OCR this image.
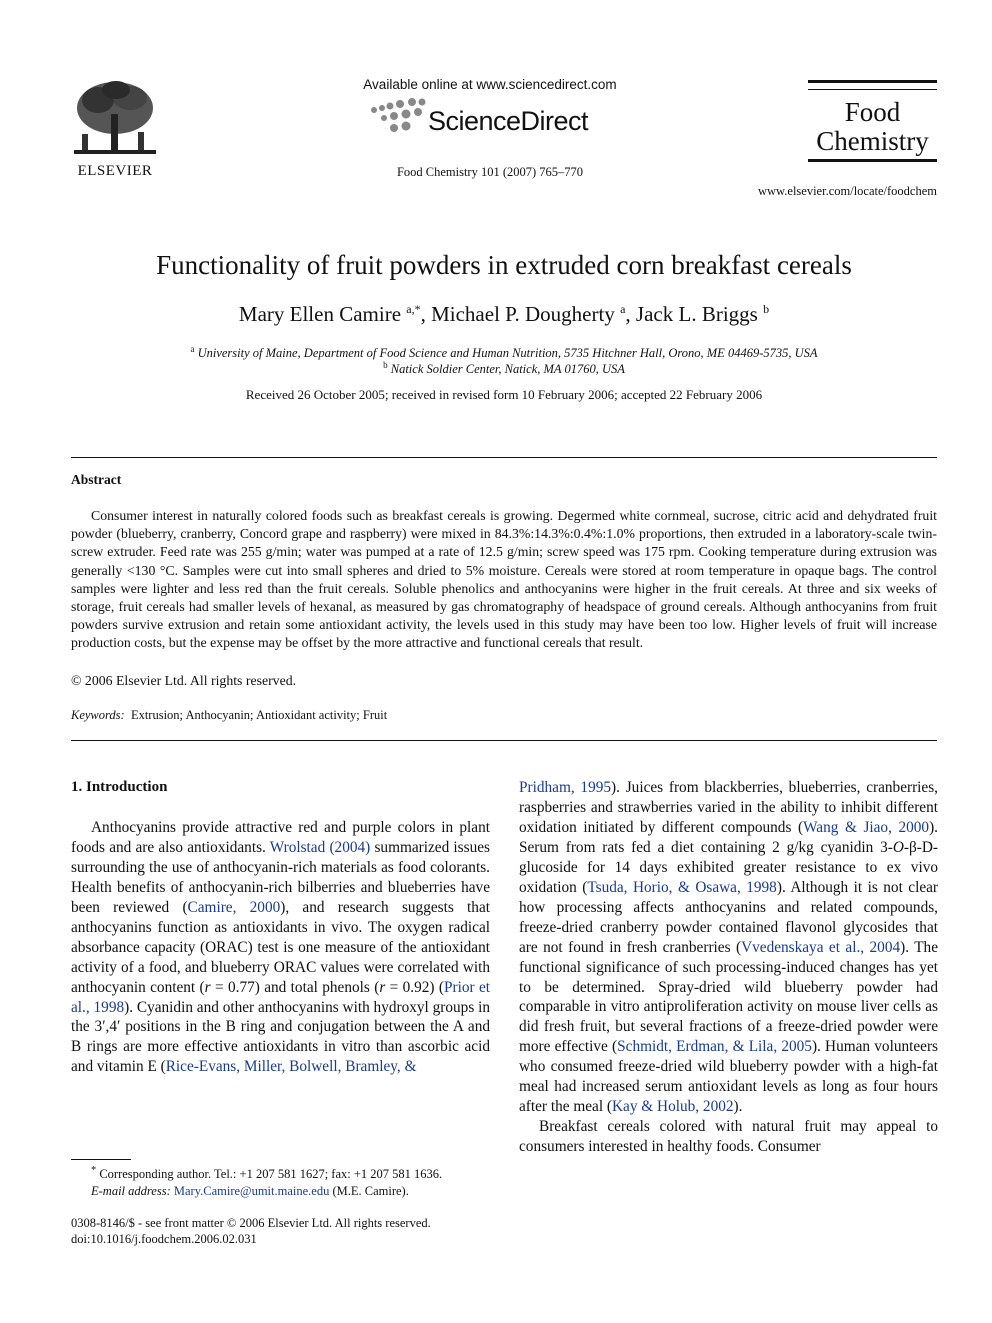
ELSEVIER
Available online at www.sciencedirect.com
ScienceDirect
Food Chemistry 101 (2007) 765–770
Food
Chemistry
www.elsevier.com/locate/foodchem
Functionality of fruit powders in extruded corn breakfast cereals
Mary Ellen Camire $^{a,*}$, Michael P. Dougherty $^a$, Jack L. Briggs $^b$
$^a$ University of Maine, Department of Food Science and Human Nutrition, 5735 Hitchner Hall, Orono, ME 04469-5735, USA
$^b$ Natick Soldier Center, Natick, MA 01760, USA
Received 26 October 2005; received in revised form 10 February 2006; accepted 22 February 2006
Abstract

Consumer interest in naturally colored foods such as breakfast cereals is growing. Degermed white cornmeal, sucrose, citric acid and dehydrated fruit powder (blueberry, cranberry, Concord grape and raspberry) were mixed in 84.3%:14.3%:0.4%:1.0% proportions, then extruded in a laboratory-scale twin-screw extruder. Feed rate was 255 g/min; water was pumped at a rate of 12.5 g/min; screw speed was 175 rpm. Cooking temperature during extrusion was generally <130 °C. Samples were cut into small spheres and dried to 5% moisture. Cereals were stored at room temperature in opaque bags. The control samples were lighter and less red than the fruit cereals. Soluble phenolics and anthocyanins were higher in the fruit cereals. At three and six weeks of storage, fruit cereals had smaller levels of hexanal, as measured by gas chromatography of headspace of ground cereals. Although anthocyanins from fruit powders survive extrusion and retain some antioxidant activity, the levels used in this study may have been too low. Higher levels of fruit will increase production costs, but the expense may be offset by the more attractive and functional cereals that result.

© 2006 Elsevier Ltd. All rights reserved.
Keywords: Extrusion; Anthocyanin; Antioxidant activity; Fruit
1. Introduction

Anthocyanins provide attractive red and purple colors in plant foods and are also antioxidants. Wrolstad (2004) summarized issues surrounding the use of anthocyanin-rich materials as food colorants. Health benefits of anthocyanin-rich bilberries and blueberries have been reviewed (Camire, 2000), and research suggests that anthocyanins function as antioxidants in vivo. The oxygen radical absorbance capacity (ORAC) test is one measure of the antioxidant activity of a food, and blueberry ORAC values were correlated with anthocyanin content (r = 0.77) and total phenols (r = 0.92) (Prior et al., 1998). Cyanidin and other anthocyanins with hydroxyl groups in the 3′,4′ positions in the B ring and conjugation between the A and B rings are more effective antioxidants in vitro than ascorbic acid and vitamin E (Rice-Evans, Miller, Bolwell, Bramley, &

Pridham, 1995). Juices from blackberries, blueberries, cranberries, raspberries and strawberries varied in the ability to inhibit different oxidation initiated by different compounds (Wang & Jiao, 2000). Serum from rats fed a diet containing 2 g/kg cyanidin 3-O-β-D-glucoside for 14 days exhibited greater resistance to ex vivo oxidation (Tsuda, Horio, & Osawa, 1998). Although it is not clear how processing affects anthocyanins and related compounds, freeze-dried cranberry powder contained flavonol glycosides that are not found in fresh cranberries (Vvedenskaya et al., 2004). The functional significance of such processing-induced changes has yet to be determined. Spray-dried wild blueberry powder had comparable in vitro antiproliferation activity on mouse liver cells as did fresh fruit, but several fractions of a freeze-dried powder were more effective (Schmidt, Erdman, & Lila, 2005). Human volunteers who consumed freeze-dried wild blueberry powder with a high-fat meal had increased serum antioxidant levels as long as four hours after the meal (Kay & Holub, 2002).

Breakfast cereals colored with natural fruit may appeal to consumers interested in healthy foods. Consumer

* Corresponding author. Tel.: +1 207 581 1627; fax: +1 207 581 1636.
E-mail address: Mary.Camire@umit.maine.edu (M.E. Camire).
0308-8146/$ - see front matter © 2006 Elsevier Ltd. All rights reserved.
doi:10.1016/j.foodchem.2006.02.031
